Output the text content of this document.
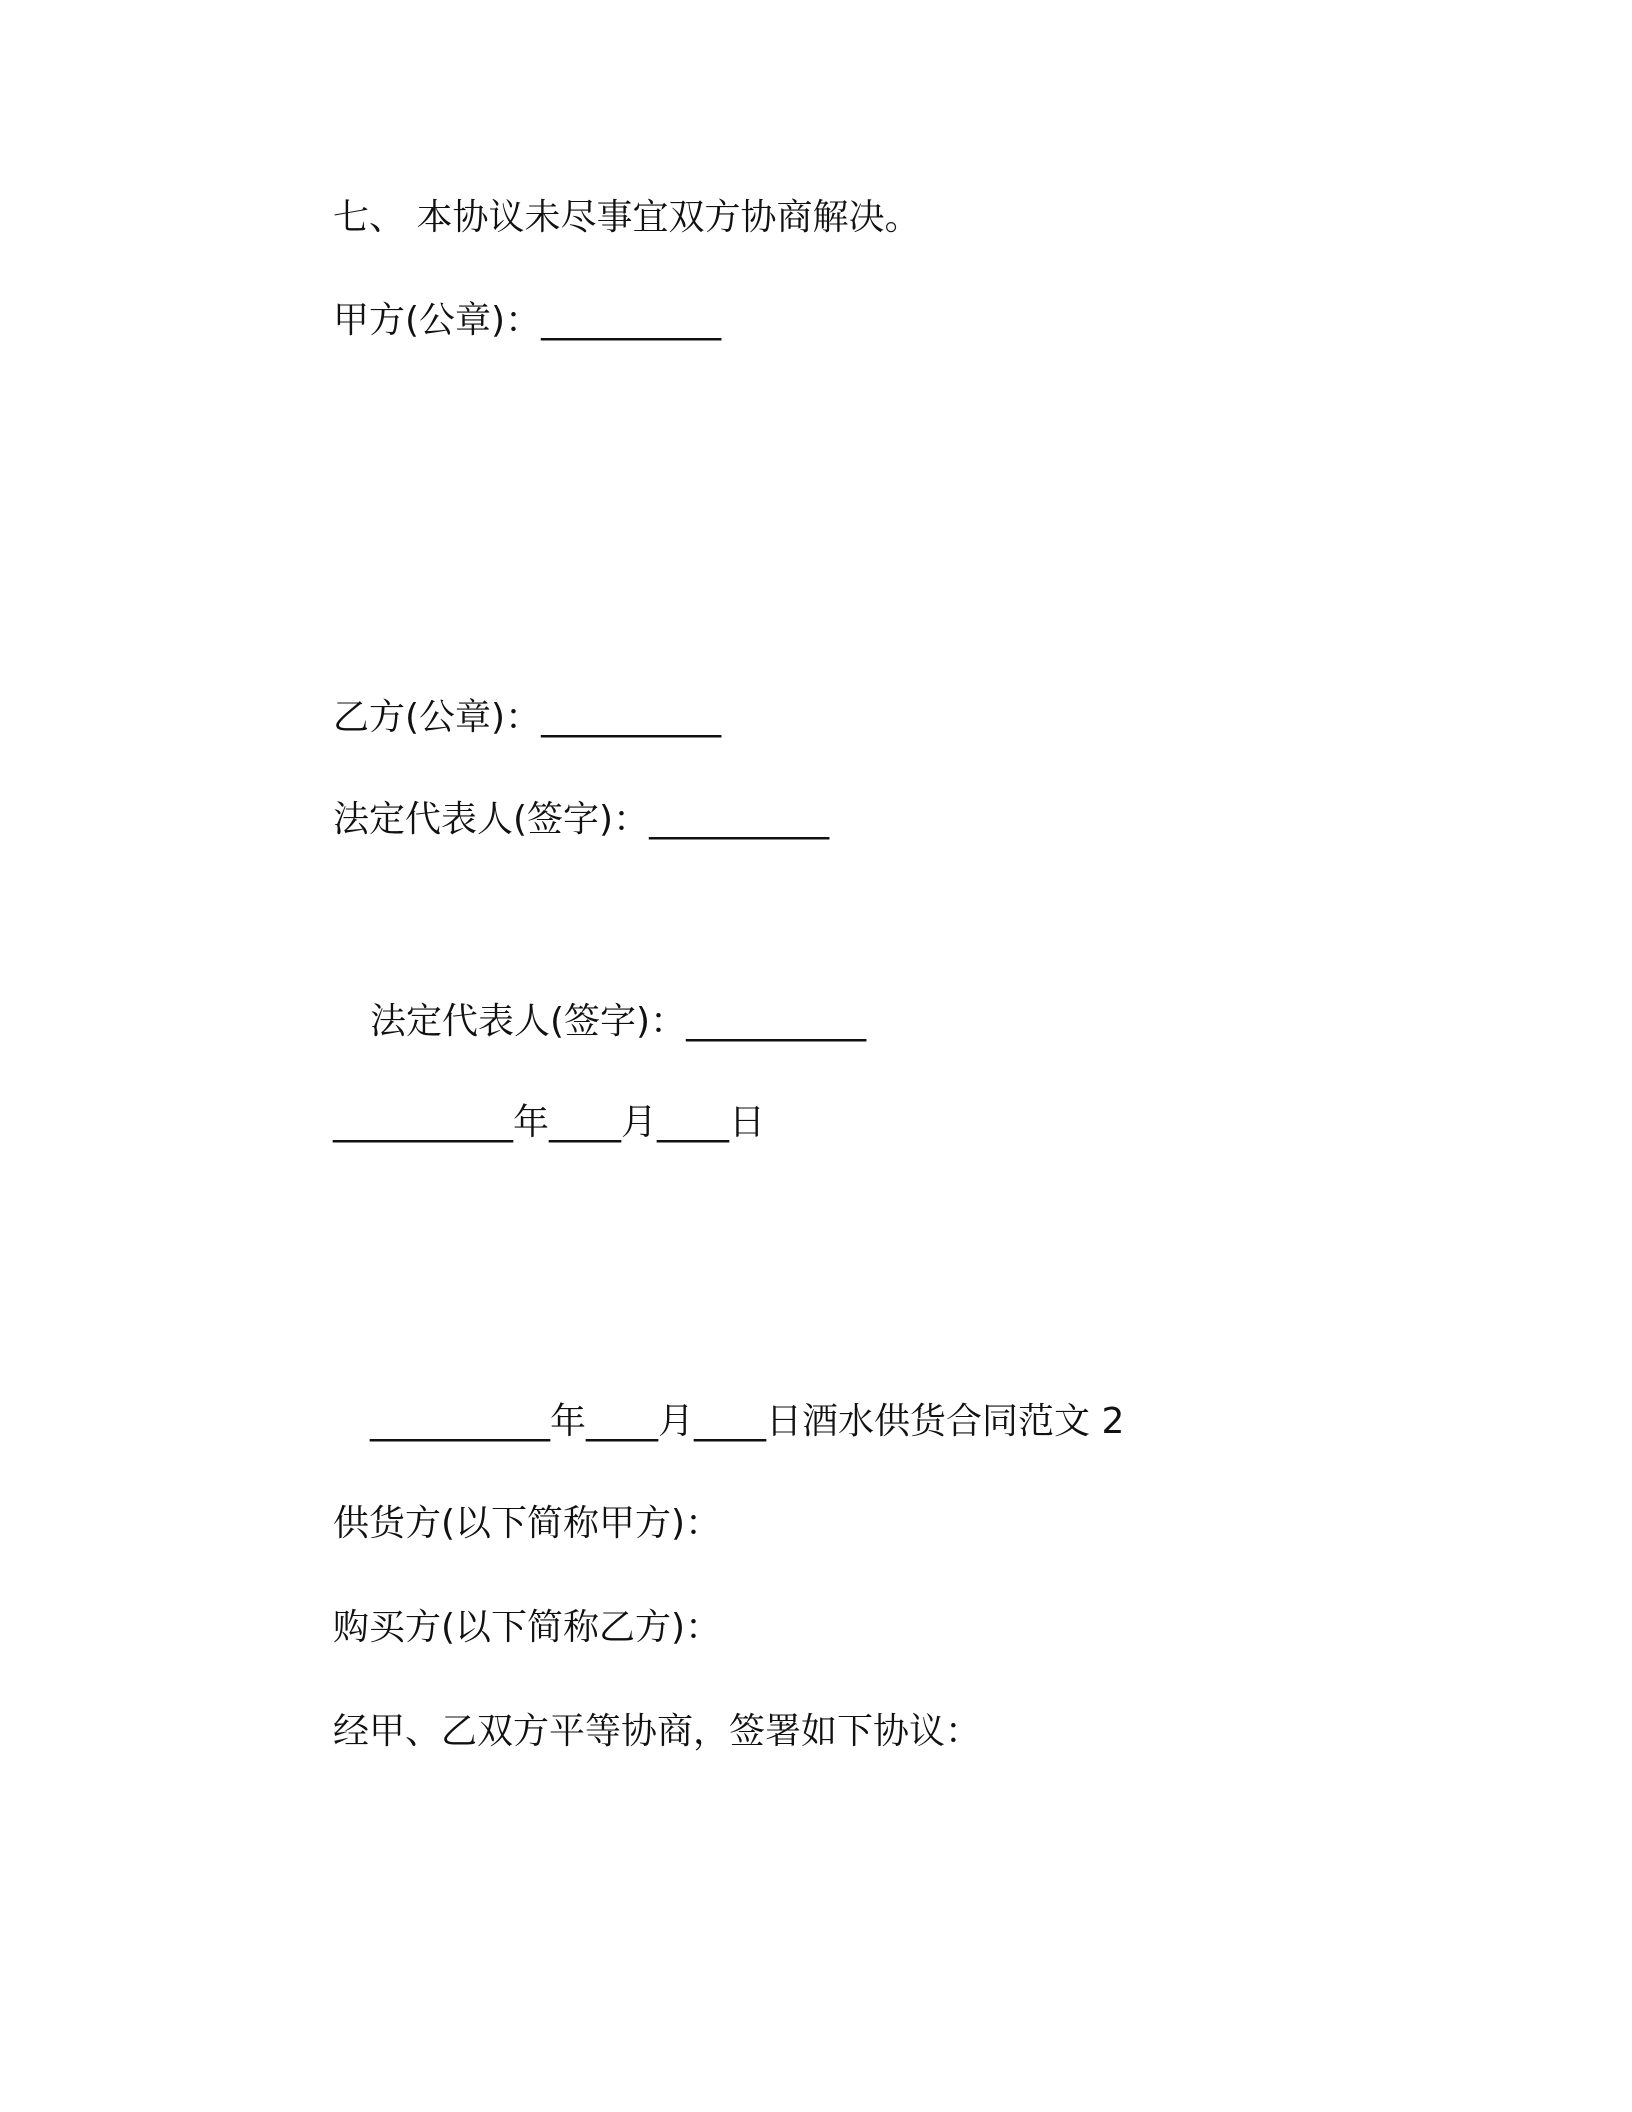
七、 本协议未尽事宜双方协商解决。
甲方(公章)：__________
乙方(公章)：__________
法定代表人(签字)：__________
法定代表人(签字)：__________
__________年____月____日
__________年____月____日酒水供货合同范文 2
供货方(以下简称甲方)：
购买方(以下简称乙方)：
经甲、乙双方平等协商，签署如下协议：
